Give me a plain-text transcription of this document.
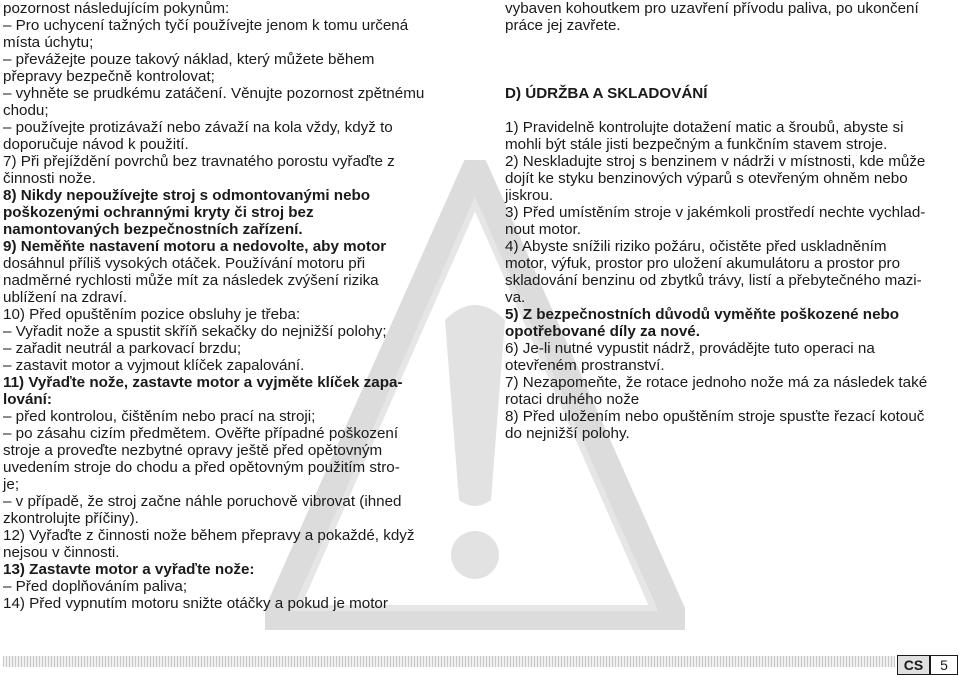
pozornost následujícím pokynům:
– Pro uchycení tažných tyčí používejte jenom k tomu určená
místa úchytu;
– převážejte pouze takový náklad, který můžete během
přepravy bezpečně kontrolovat;
– vyhněte se prudkému zatáčení. Věnujte pozornost zpětnému
chodu;
– používejte protizávaží nebo závaží na kola vždy, když to
doporučuje návod k použití.
7) Při přejíždění povrchů bez travnatého porostu vyřaďte z
činnosti nože.
8) Nikdy nepoužívejte stroj s odmontovanými nebo
poškozenými ochrannými kryty či stroj bez
namontovaných bezpečnostních zařízení.
9) Neměňte nastavení motoru a nedovolte, aby motor
dosáhnul příliš vysokých otáček. Používání motoru při
nadměrné rychlosti může mít za následek zvýšení rizika
ublížení na zdraví.
10) Před opuštěním pozice obsluhy je třeba:
– Vyřadit nože a spustit skříň sekačky do nejnižší polohy;
– zařadit neutrál a parkovací brzdu;
– zastavit motor a vyjmout klíček zapalování.
11) Vyřaďte nože, zastavte motor a vyjměte klíček zapa-
lování:
– před kontrolou, čištěním nebo prací na stroji;
– po zásahu cizím předmětem. Ověřte případné poškození
stroje a proveďte nezbytné opravy ještě před opětovným
uvedením stroje do chodu a před opětovným použitím stro-
je;
– v případě, že stroj začne náhle poruchově vibrovat (ihned
zkontrolujte příčiny).
12) Vyřaďte z činnosti nože během přepravy a pokaždé, když
nejsou v činnosti.
13) Zastavte motor a vyřaďte nože:
– Před doplňováním paliva;
14) Před vypnutím motoru snižte otáčky a pokud je motor
vybaven kohoutkem pro uzavření přívodu paliva, po ukončení
práce jej zavřete.
D) ÚDRŽBA A SKLADOVÁNÍ
1) Pravidelně kontrolujte dotažení matic a šroubů, abyste si
mohli být stále jisti bezpečným a funkčním stavem stroje.
2) Neskladujte stroj s benzinem v nádrži v místnosti, kde může
dojít ke styku benzinových výparů s otevřeným ohněm nebo
jiskrou.
3) Před umístěním stroje v jakémkoli prostředí nechte vychlad-
nout motor.
4) Abyste snížili riziko požáru, očistěte před uskladněním
motor, výfuk, prostor pro uložení akumulátoru a prostor pro
skladování benzinu od zbytků trávy, listí a přebytečného mazi-
va.
5) Z bezpečnostních důvodů vyměňte poškozené nebo
opotřebované díly za nové.
6) Je-li nutné vypustit nádrž, provádějte tuto operaci na
otevřeném prostranství.
7) Nezapomeňte, že rotace jednoho nože má za následek také
rotaci druhého nože
8) Před uložením nebo opuštěním stroje spusťte řezací kotouč
do nejnižší polohy.
CS	5
